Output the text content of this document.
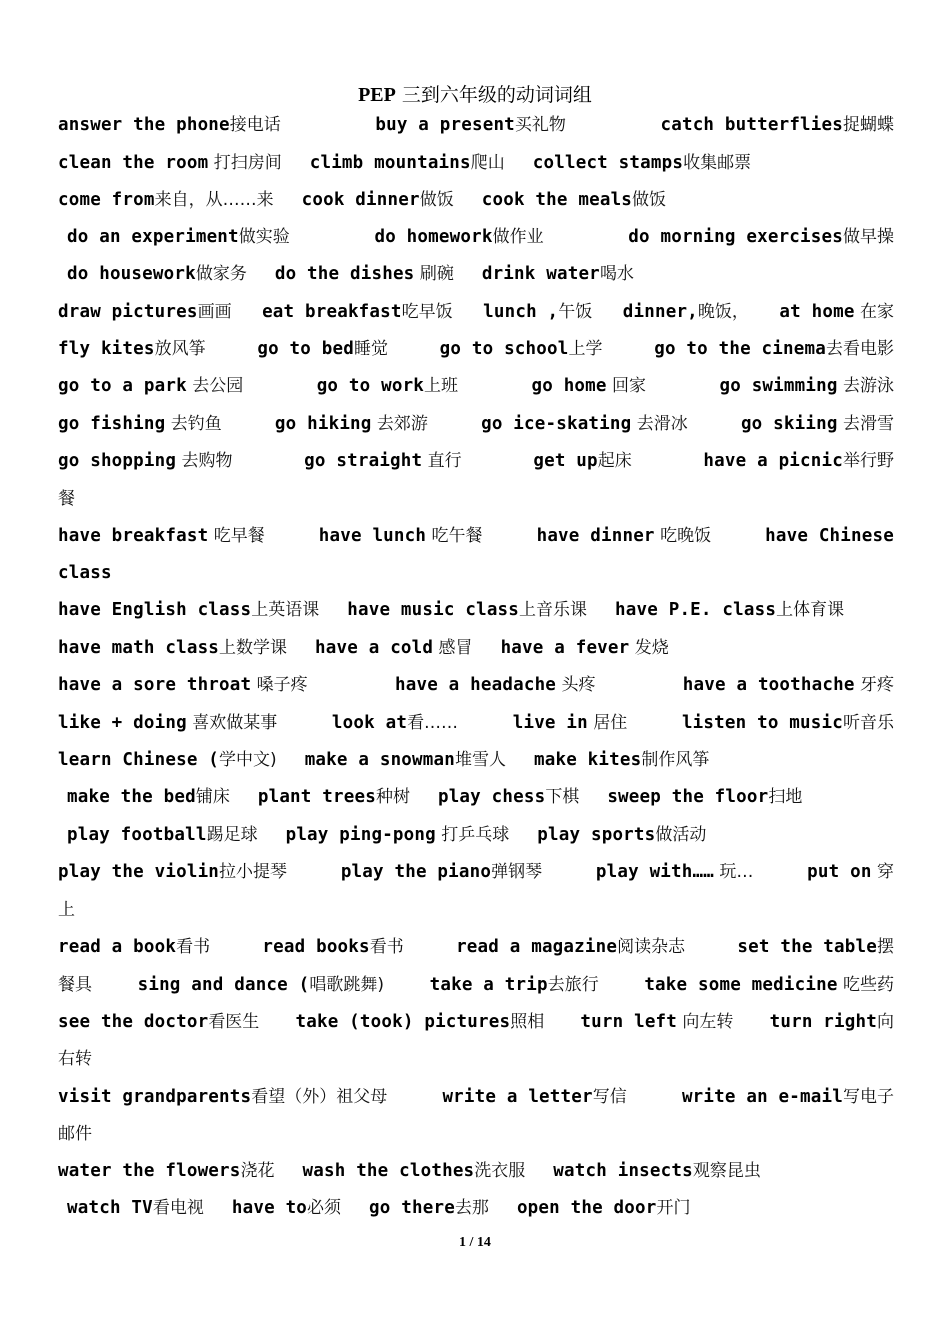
PEP 三到六年级的动词词组
answer the phone接电话	buy a present买礼物	catch butterflies捉蝴蝶
clean the room 打扫房间 climb mountains爬山 collect stamps收集邮票
come from来自，从……来 cook dinner做饭 cook the meals做饭
do an experiment做实验	do homework做作业	do morning exercises做早操
do housework做家务 do the dishes 刷碗 drink water喝水
draw pictures画画 eat breakfast吃早饭 lunch ,午饭 dinner,晚饭， at home 在家
fly kites放风筝	go to bed睡觉	go to school上学	go to the cinema去看电影
go to a park 去公园	go to work上班	go home 回家	go swimming 去游泳
go fishing 去钓鱼	go hiking 去郊游	go ice-skating 去滑冰	go skiing 去滑雪
go shopping 去购物	go straight 直行	get up起床	have a picnic举行野
餐
have breakfast 吃早餐	have lunch 吃午餐	have dinner 吃晚饭	have Chinese
class
have English class上英语课 have music class上音乐课 have P.E. class上体育课
have math class上数学课 have a cold 感冒 have a fever 发烧
have a sore throat 嗓子疼	have a headache 头疼	have a toothache 牙疼
like + doing 喜欢做某事	look at看……	live in 居住	listen to music听音乐
learn Chinese (学中文) make a snowman堆雪人 make kites制作风筝
make the bed铺床 plant trees种树 play chess下棋 sweep the floor扫地
play football踢足球 play ping-pong 打乒乓球 play sports做活动
play the violin拉小提琴	play the piano弹钢琴	play with…… 玩…	put on 穿
上
read a book看书	read books看书	read a magazine阅读杂志	set the table摆
餐具	sing and dance (唱歌跳舞)	take a trip去旅行	take some medicine 吃些药
see the doctor看医生 take (took) pictures照相 turn left 向左转 turn right向
右转
visit grandparents看望（外）祖父母	write a letter写信	write an e-mail写电子
邮件
water the flowers浇花 wash the clothes洗衣服 watch insects观察昆虫
watch TV看电视 have to必须 go there去那 open the door开门
1 / 14
